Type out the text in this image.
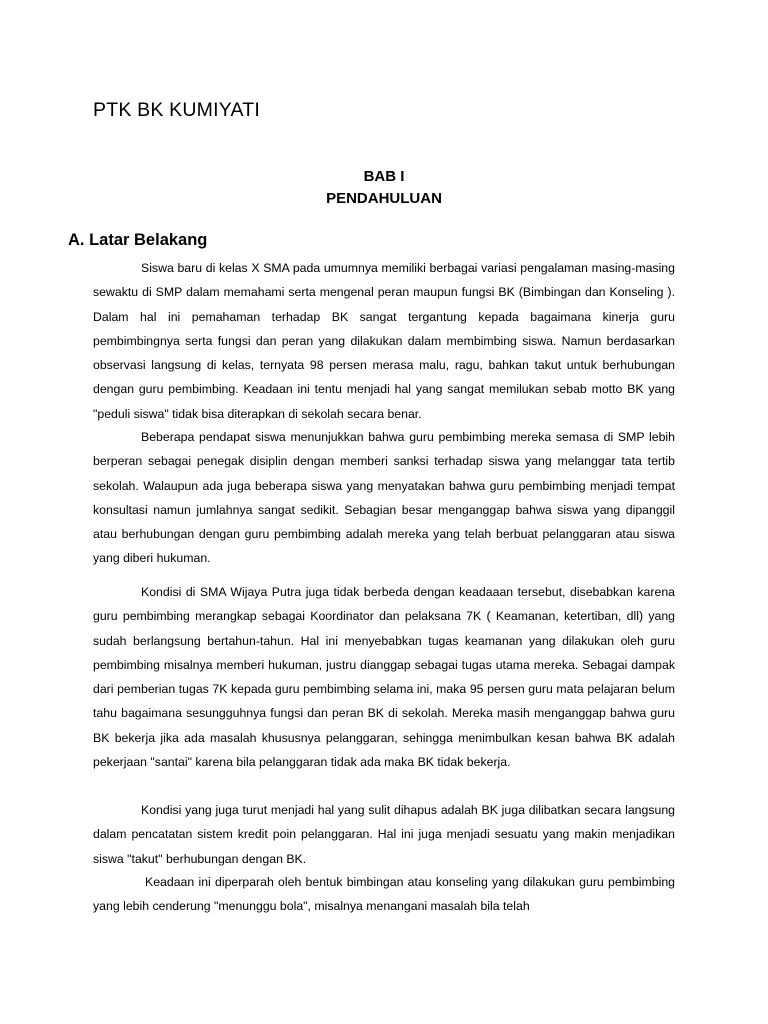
PTK BK KUMIYATI
BAB I
PENDAHULUAN
A. Latar Belakang

Siswa baru di kelas X SMA pada umumnya memiliki berbagai variasi pengalaman masing-masing sewaktu di SMP dalam memahami serta mengenal peran maupun fungsi BK (Bimbingan dan Konseling ). Dalam hal ini pemahaman terhadap BK sangat tergantung kepada bagaimana kinerja guru pembimbingnya serta fungsi dan peran yang dilakukan dalam membimbing siswa. Namun berdasarkan observasi langsung di kelas, ternyata 98 persen merasa malu, ragu, bahkan takut untuk berhubungan dengan guru pembimbing. Keadaan ini tentu menjadi hal yang sangat memilukan sebab motto BK yang "peduli siswa" tidak bisa diterapkan di sekolah secara benar.

Beberapa pendapat siswa menunjukkan bahwa guru pembimbing mereka semasa di SMP lebih berperan sebagai penegak disiplin dengan memberi sanksi terhadap siswa yang melanggar tata tertib sekolah. Walaupun ada juga beberapa siswa yang menyatakan bahwa guru pembimbing menjadi tempat konsultasi namun jumlahnya sangat sedikit. Sebagian besar menganggap bahwa siswa yang dipanggil atau berhubungan dengan guru pembimbing adalah mereka yang telah berbuat pelanggaran atau siswa yang diberi hukuman.

Kondisi di SMA Wijaya Putra juga tidak berbeda dengan keadaaan tersebut, disebabkan karena guru pembimbing merangkap sebagai Koordinator dan pelaksana 7K ( Keamanan, ketertiban, dll) yang sudah berlangsung bertahun-tahun. Hal ini menyebabkan tugas keamanan yang dilakukan oleh guru pembimbing misalnya memberi hukuman, justru dianggap sebagai tugas utama mereka. Sebagai dampak dari pemberian tugas 7K kepada guru pembimbing selama ini, maka 95 persen guru mata pelajaran belum tahu bagaimana sesungguhnya fungsi dan peran BK di sekolah. Mereka masih menganggap bahwa guru BK bekerja jika ada masalah khususnya pelanggaran, sehingga menimbulkan kesan bahwa BK adalah pekerjaan "santai" karena bila pelanggaran tidak ada maka BK tidak bekerja.

Kondisi yang juga turut menjadi hal yang sulit dihapus adalah BK juga dilibatkan secara langsung dalam pencatatan sistem kredit poin pelanggaran. Hal ini juga menjadi sesuatu yang makin menjadikan siswa "takut" berhubungan dengan BK.

Keadaan ini diperparah oleh bentuk bimbingan atau konseling yang dilakukan guru pembimbing yang lebih cenderung "menunggu bola", misalnya menangani masalah bila telah
